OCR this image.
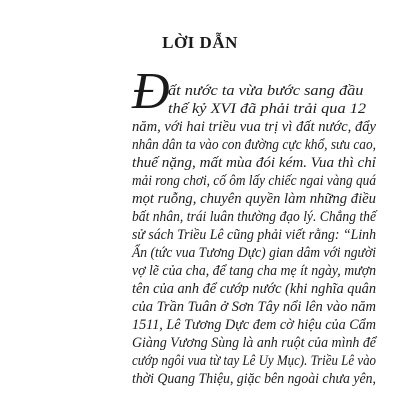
LỜI DẪN
Đ
ất nước ta vừa bước sang đầu
thế kỷ XVI đã phải trải qua 12
năm, với hai triều vua trị vì đất nước, đẩy
nhân dân ta vào con đường cực khổ, sưu cao,
thuế nặng, mất mùa đói kém. Vua thì chỉ
mải rong chơi, cố ôm lấy chiếc ngai vàng quá
mọt ruỗng, chuyên quyền làm những điều
bất nhân, trái luân thường đạo lý. Chẳng thế
sử sách Triều Lê cũng phải viết rằng: “Linh
Ẩn (tức vua Tương Dực) gian dâm với người
vợ lẽ của cha, để tang cha mẹ ít ngày, mượn
tên của anh để cướp nước (khi nghĩa quân
của Trần Tuân ở Sơn Tây nổi lên vào năm
1511, Lê Tương Dực đem cờ hiệu của Cẩm
Giàng Vương Sùng là anh ruột của mình để
cướp ngôi vua từ tay Lê Uy Mục). Triều Lê vào
thời Quang Thiệu, giặc bên ngoài chưa yên,
